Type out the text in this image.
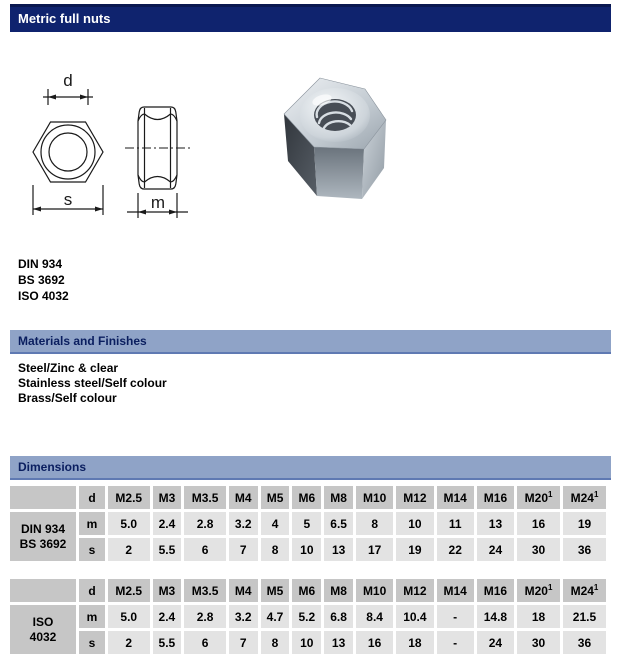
Metric full nuts
d
s	m
DIN 934
BS 3692
ISO 4032
Materials and Finishes
Steel/Zinc & clear
Stainless steel/Self colour
Brass/Self colour
Dimensions
	d	M2.5	M3	M3.5	M4	M5	M6	M8	M10	M12	M14	M16	$M20^1$	$M24^1$

DIN 934
BS 3692	m	5.0	2.4	2.8	3.2	4	5	6.5	8	10	11	13	16	19
	s	2	5.5	6	7	8	10	13	17	19	22	24	30	36
	d	M2.5	M3	M3.5	M4	M5	M6	M8	M10	M12	M14	M16	$M20^1$	$M24^1$

ISO
4032	m	5.0	2.4	2.8	3.2	4.7	5.2	6.8	8.4	10.4	-	14.8	18	21.5
	s	2	5.5	6	7	8	10	13	16	18	-	24	30	36
